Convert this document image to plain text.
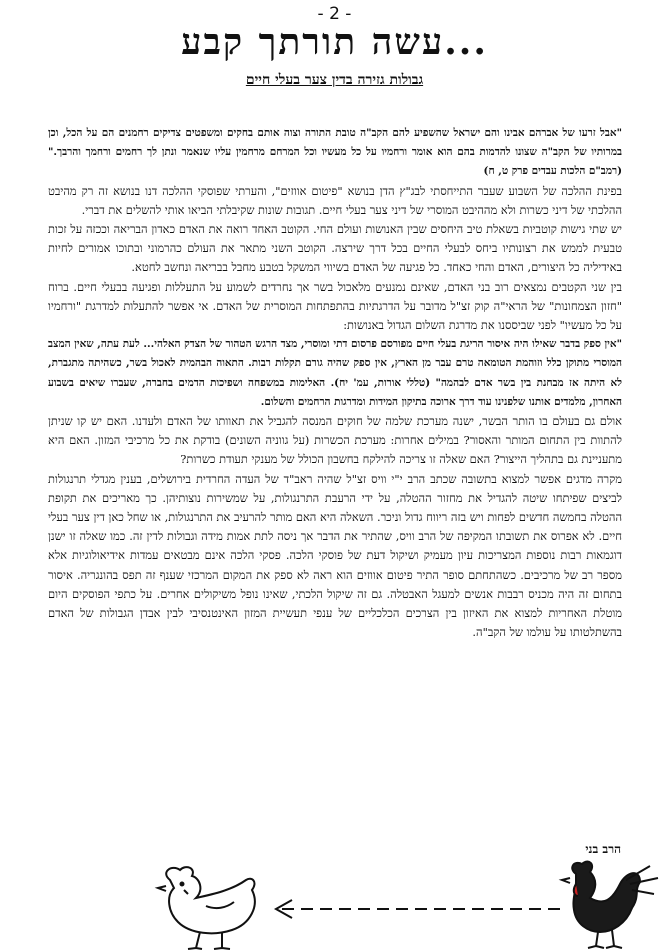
- 2 -
...עשה תורתך קבע
גבולות גזירה בדין צער בעלי חיים

"אבל זרעו של אברהם אבינו והם ישראל שהשפיע להם הקב"ה טובת התורה וצוה אותם בחקים ומשפטים צדיקים רחמנים הם על הכל, וכן במרותיו של הקב"ה שצונו להדמות בהם הוא אומר ורחמיו על כל מעשיו וכל המרחם מרחמין עליו שנאמר ונתן לך רחמים ורחמך והרבך." (רמב"ם הלכות עבדים פרק ט, ח)

בפינת ההלכה של השבוע שעבר התייחסתי לבג"ץ הדן בנושא "פיטום אווזים", והערתי שפוסקי ההלכה דנו בנושא זה רק מהיבט ההלכתי של דיני כשרות ולא מההיבט המוסרי של דיני צער בעלי חיים. תגובות שונות שקיבלתי הביאו אותי להשלים את דברי.

יש שתי גישות קוטביות בשאלת טיב היחסים שבין האנושות ועולם החי. הקוטב האחד רואה את האדם כאדון הבריאה וככזה על זכות טבעית לממש את רצונותיו ביחס לבעלי החיים בכל דרך שירצה. הקוטב השני מתאר את העולם כהרמוני ובתוכו אמורים לחיות באידיליה כל היצורים, האדם והחי כאחד. כל פגיעה של האדם בשיווי המשקל בטבע מחבל בבריאה ונחשב לחטא.

בין שני הקטבים נמצאים רוב בני האדם, שאינם נמנעים מלאכול בשר אך נחרדים לשמוע על התעללות ופגיעה בבעלי חיים. ברוח "חזון הצמחונות" של הראי"ה קוק זצ"ל מדובר על הדרגתיות בהתפתחות המוסרית של האדם. אי אפשר להתעלות למדרגת "ורחמיו על כל מעשיו" לפני שביססנו את מדרגת השלום הגדול באנושות:

"אין ספק בדבר שאילו היה איסור הריגת בעלי חיים מפורסם פרסום דתי ומוסרי, מצד הרגש הטהור של הצדק האלהי... לעת עתה, שאין המצב המוסרי מתוקן כלל וזוהמת הטומאה טרם עבר מן הארץ, אין ספק שהיה גורם תקלות רבות. התאוה הבהמית לאכול בשר, כשהיתה מתגברת, לא היתה אז מבחנת בין בשר אדם לבהמה" (טללי אורות, עמ' יח). האלימות במשפחה ושפיכות הדמים בחברה, שעברו שיאים בשבוע האחרון, מלמדים אותנו שלפנינו עוד דרך ארוכה בתיקון המידות ומדרגות הרחמים והשלום.

אולם גם בעולם בו הותר הבשר, ישנה מערכת שלמה של חוקים המנסה להגביל את תאוותו של האדם ולעדנו. האם יש קו שניתן להתוות בין התחום המותר והאסור? במילים אחרות: מערכת הכשרות (על גווניה השונים) בודקת את כל מרכיבי המזון. האם היא מתעניינת גם בתהליך הייצור? האם שאלה זו צריכה להילקח בחשבון הכולל של מענקי תעודת כשרות?

מקרה מדגים אפשר למצוא בתשובה שכתב הרב י"י וויס זצ"ל שהיה ראב"ד של העדה החרדית בירושלים, בענין מגדלי תרנגולות לביצים שפיתחו שיטה להגדיל את מחזור ההטלה, על ידי הרעבת התרנגולות, על שמשירות נוצותיהן. כך מאריכים את תקופת ההטלה בחמשה חדשים לפחות ויש בזה ריווח גדול וניכר. השאלה היא האם מותר להרעיב את התרנגולות, או שחל כאן דין צער בעלי חיים. לא אפרוס את תשובתו המקיפה של הרב וויס, שהתיר את הדבר אך ניסה לתת אמות מידה וגבולות לדין זה. כמו שאלה זו ישנן דוגמאות רבות נוספות המצריכות עיון מעמיק ושיקול דעת של פוסקי הלכה. פסקי הלכה אינם מבטאים עמדות אידיאולוגיות אלא מספר רב של מרכיבים. כשהתחתם סופר התיר פיטום אווזים הוא ראה לא ספק את המקום המרכזי שענף זה תפס בהונגריה. איסור בתחום זה היה מכניס רבבות אנשים למעגל האבטלה. גם זה שיקול הלכתי, שאינו נופל משיקולים אחרים. על כתפי הפוסקים היום מוטלת האחריות למצוא את האיזון בין הצרכים הכלכליים של ענפי תעשיית המזון האינטנסיבי לבין אבדן הגבולות של האדם בהשתלטותו על עולמו של הקב"ה.

הרב בני
